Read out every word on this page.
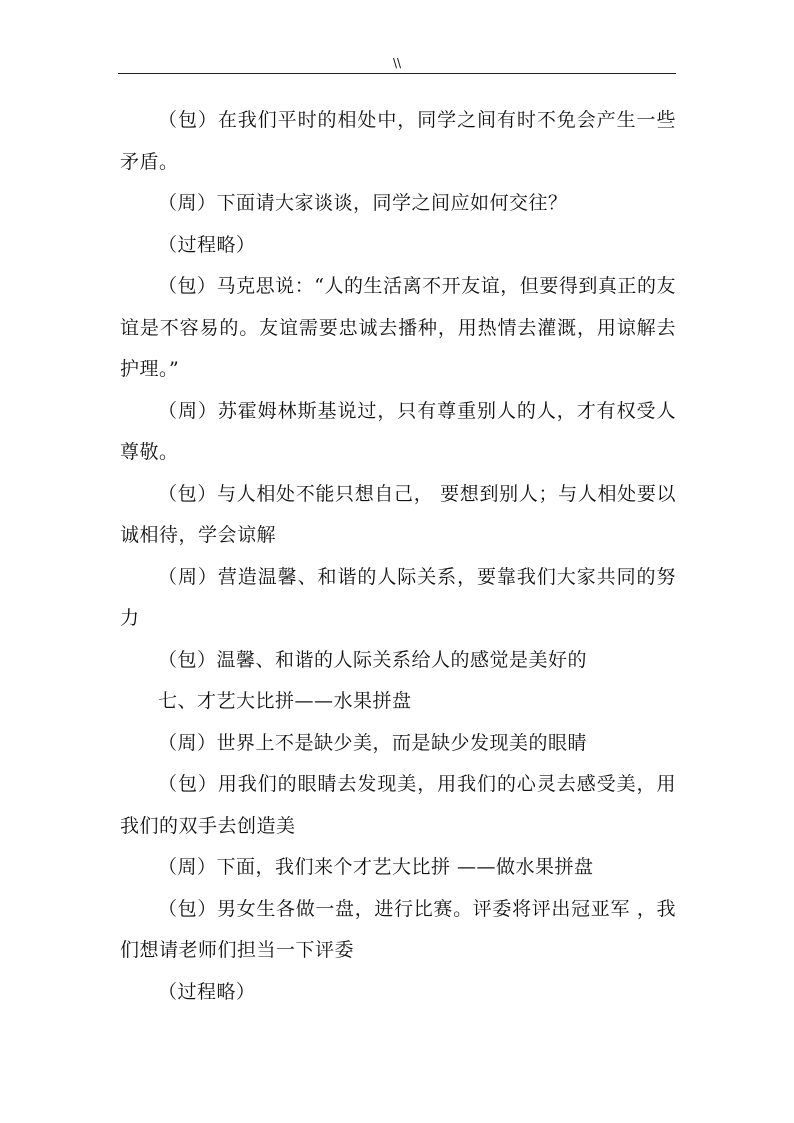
\\

（包）在我们平时的相处中，同学之间有时不免会产生一些矛盾。

（周）下面请大家谈谈，同学之间应如何交往？

（过程略）

（包）马克思说：“人的生活离不开友谊，但要得到真正的友谊是不容易的。友谊需要忠诚去播种，用热情去灌溉，用谅解去护理。”

（周）苏霍姆林斯基说过，只有尊重别人的人，才有权受人尊敬。

（包）与人相处不能只想自己， 要想到别人；与人相处要以诚相待，学会谅解

（周）营造温馨、和谐的人际关系，要靠我们大家共同的努力

（包）温馨、和谐的人际关系给人的感觉是美好的

七、才艺大比拼——水果拼盘

（周）世界上不是缺少美，而是缺少发现美的眼睛

（包）用我们的眼睛去发现美，用我们的心灵去感受美，用我们的双手去创造美

（周）下面，我们来个才艺大比拼 ——做水果拼盘

（包）男女生各做一盘，进行比赛。评委将评出冠亚军 ，我们想请老师们担当一下评委

（过程略）
